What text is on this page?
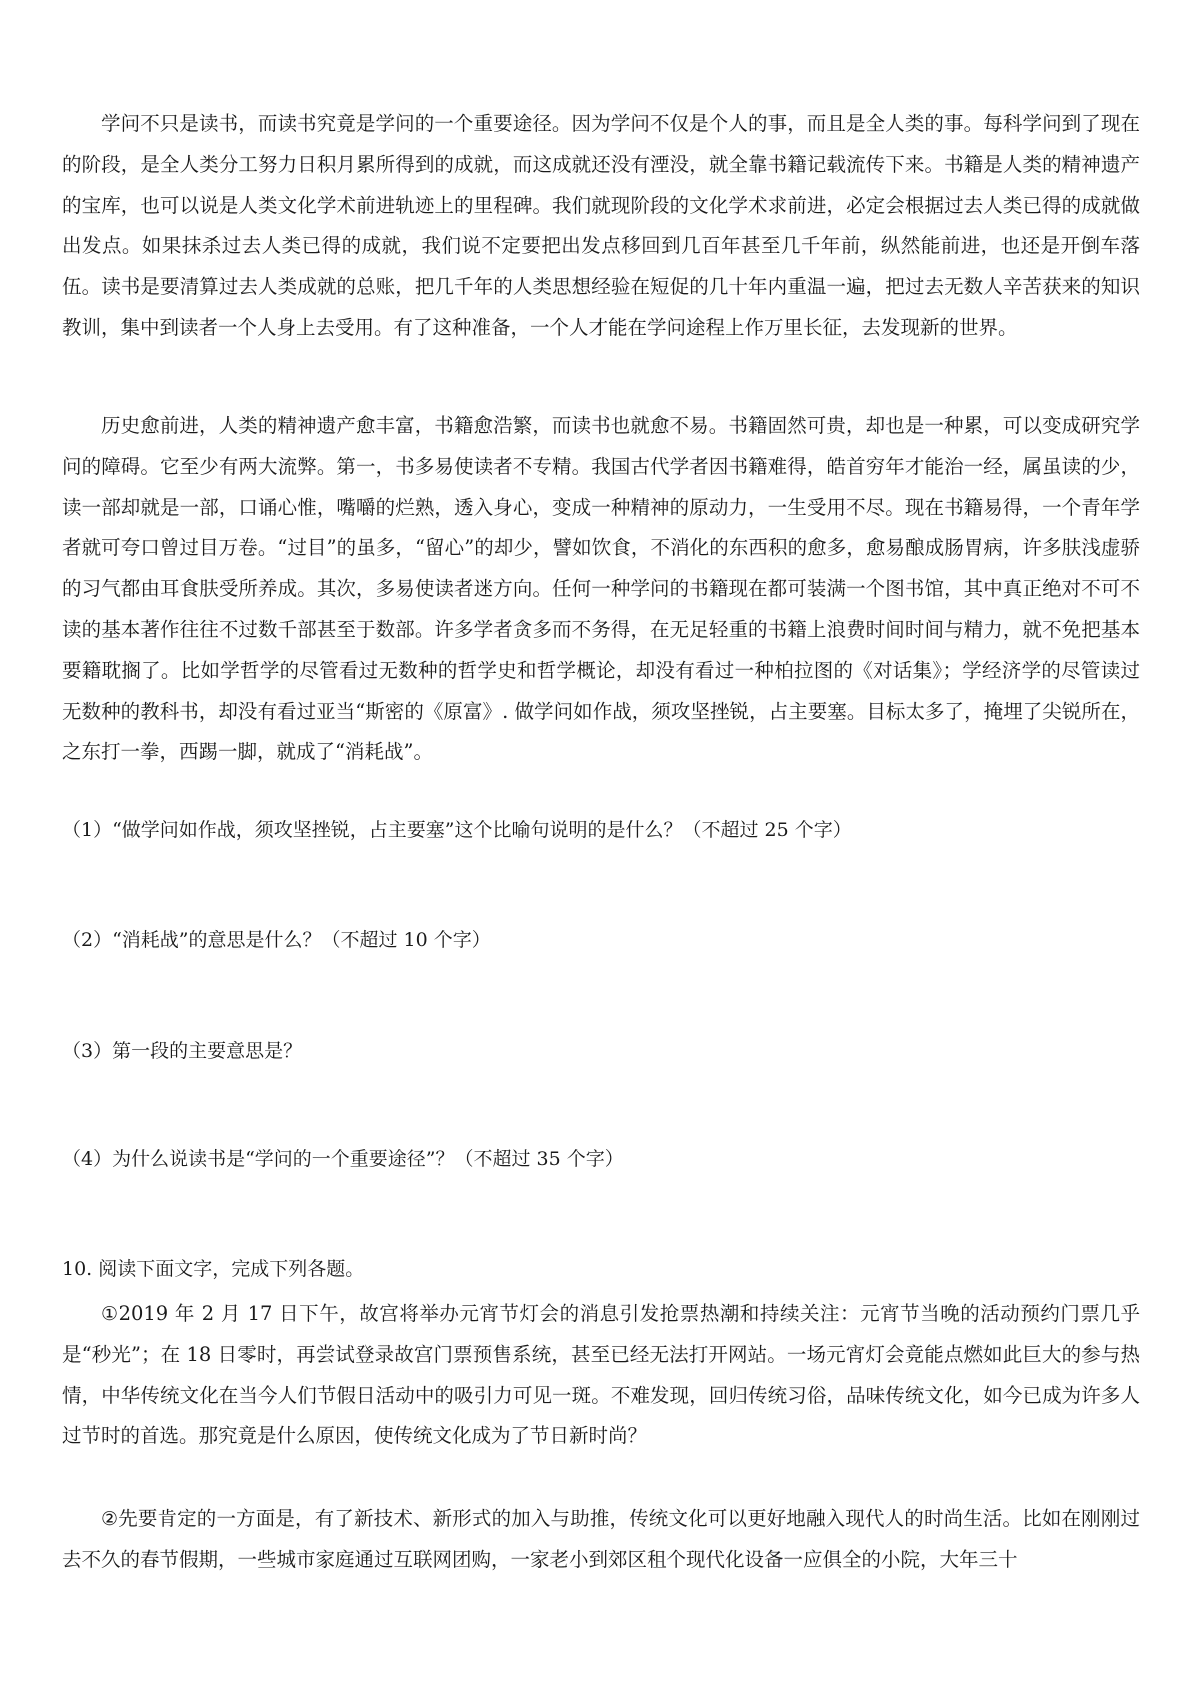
学问不只是读书，而读书究竟是学问的一个重要途径。因为学问不仅是个人的事，而且是全人类的事。每科学问到了现在的阶段，是全人类分工努力日积月累所得到的成就，而这成就还没有湮没，就全靠书籍记载流传下来。书籍是人类的精神遗产的宝库，也可以说是人类文化学术前进轨迹上的里程碑。我们就现阶段的文化学术求前进，必定会根据过去人类已得的成就做出发点。如果抹杀过去人类已得的成就，我们说不定要把出发点移回到几百年甚至几千年前，纵然能前进，也还是开倒车落伍。读书是要清算过去人类成就的总账，把几千年的人类思想经验在短促的几十年内重温一遍，把过去无数人辛苦获来的知识教训，集中到读者一个人身上去受用。有了这种准备，一个人才能在学问途程上作万里长征，去发现新的世界。

历史愈前进，人类的精神遗产愈丰富，书籍愈浩繁，而读书也就愈不易。书籍固然可贵，却也是一种累，可以变成研究学问的障碍。它至少有两大流弊。第一，书多易使读者不专精。我国古代学者因书籍难得，皓首穷年才能治一经，属虽读的少，读一部却就是一部，口诵心惟，嘴嚼的烂熟，透入身心，变成一种精神的原动力，一生受用不尽。现在书籍易得，一个青年学者就可夸口曾过目万卷。“过目”的虽多，“留心”的却少，譬如饮食，不消化的东西积的愈多，愈易酿成肠胃病，许多肤浅虚骄的习气都由耳食肤受所养成。其次，多易使读者迷方向。任何一种学问的书籍现在都可装满一个图书馆，其中真正绝对不可不读的基本著作往往不过数千部甚至于数部。许多学者贪多而不务得，在无足轻重的书籍上浪费时间时间与精力，就不免把基本要籍耽搁了。比如学哲学的尽管看过无数种的哲学史和哲学概论，却没有看过一种柏拉图的《对话集》；学经济学的尽管读过无数种的教科书，却没有看过亚当“斯密的《原富》. 做学问如作战，须攻坚挫锐，占主要塞。目标太多了，掩埋了尖锐所在，之东打一拳，西踢一脚，就成了“消耗战”。

（1）“做学问如作战，须攻坚挫锐，占主要塞”这个比喻句说明的是什么？（不超过 25 个字）

（2）“消耗战”的意思是什么？（不超过 10 个字）

（3）第一段的主要意思是？

（4）为什么说读书是“学问的一个重要途径”？（不超过 35 个字）

10. 阅读下面文字，完成下列各题。

①2019 年 2 月 17 日下午，故宫将举办元宵节灯会的消息引发抢票热潮和持续关注：元宵节当晚的活动预约门票几乎是“秒光”；在 18 日零时，再尝试登录故宫门票预售系统，甚至已经无法打开网站。一场元宵灯会竟能点燃如此巨大的参与热情，中华传统文化在当今人们节假日活动中的吸引力可见一斑。不难发现，回归传统习俗，品味传统文化，如今已成为许多人过节时的首选。那究竟是什么原因，使传统文化成为了节日新时尚？

②先要肯定的一方面是，有了新技术、新形式的加入与助推，传统文化可以更好地融入现代人的时尚生活。比如在刚刚过去不久的春节假期，一些城市家庭通过互联网团购，一家老小到郊区租个现代化设备一应俱全的小院，大年三十
